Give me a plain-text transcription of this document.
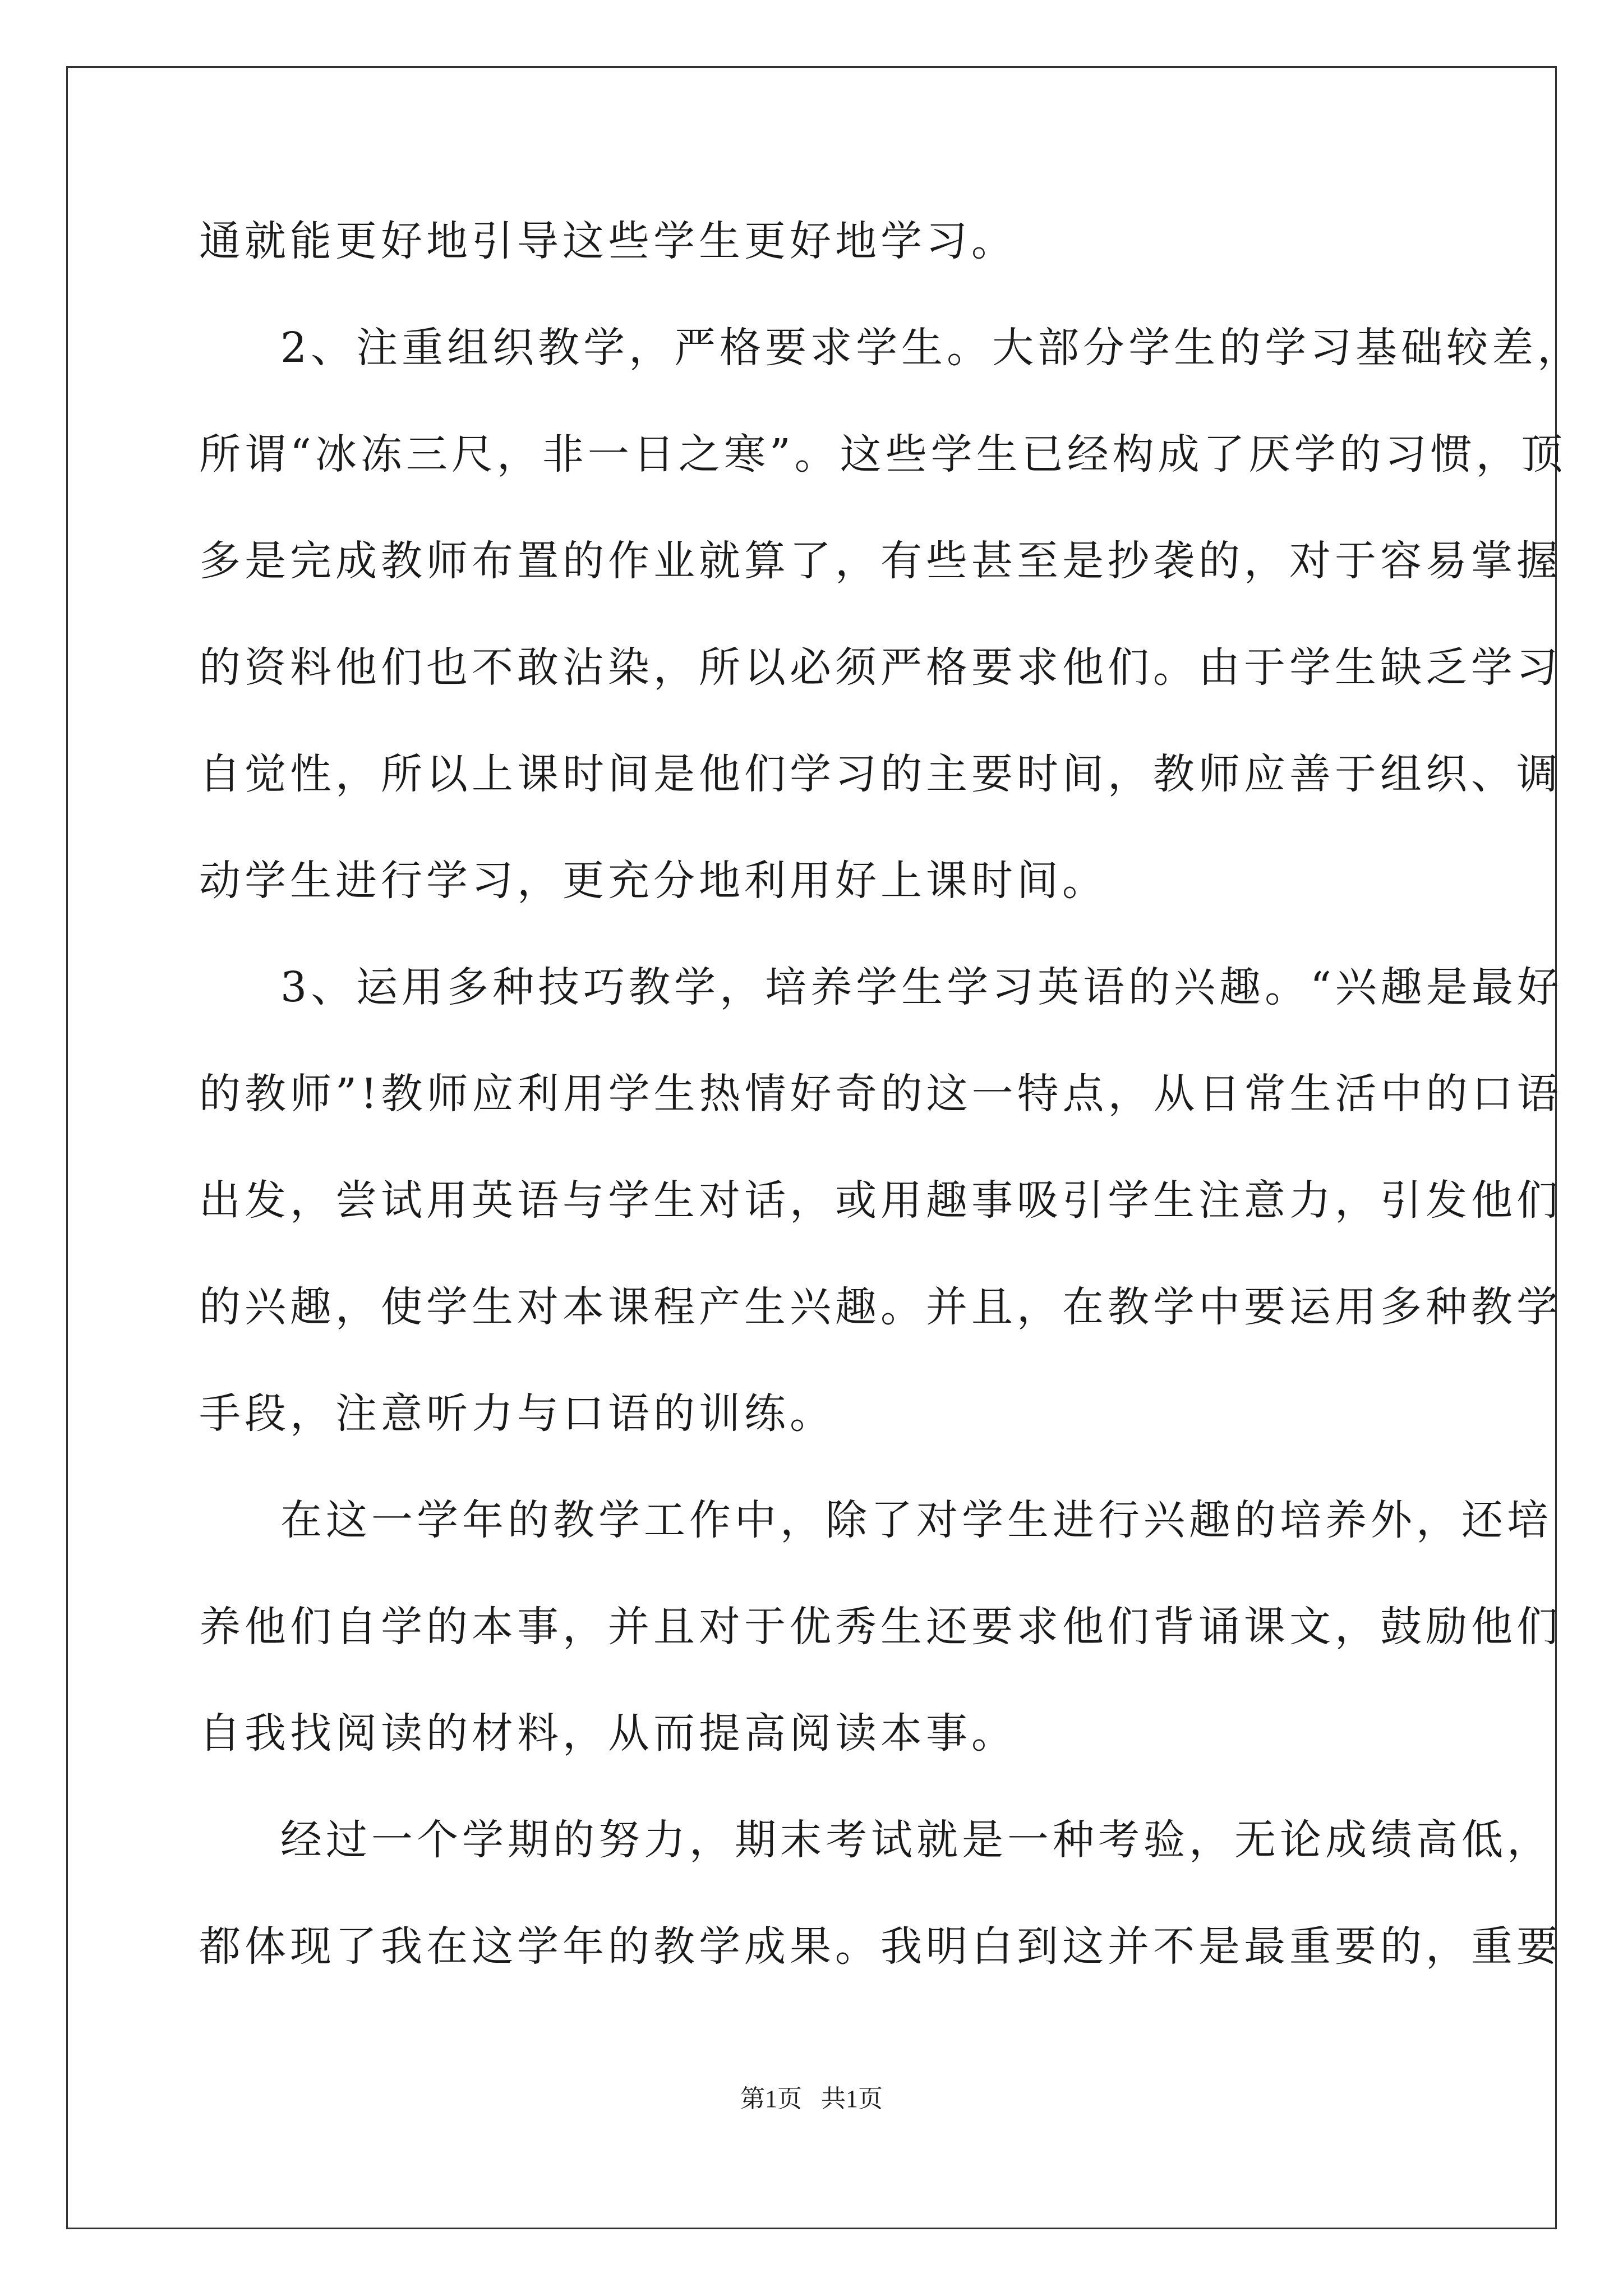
通就能更好地引导这些学生更好地学习。
2、注重组织教学，严格要求学生。大部分学生的学习基础较差，
所谓“冰冻三尺，非一日之寒”。这些学生已经构成了厌学的习惯，顶
多是完成教师布置的作业就算了，有些甚至是抄袭的，对于容易掌握
的资料他们也不敢沾染，所以必须严格要求他们。由于学生缺乏学习
自觉性，所以上课时间是他们学习的主要时间，教师应善于组织、调
动学生进行学习，更充分地利用好上课时间。
3、运用多种技巧教学，培养学生学习英语的兴趣。“兴趣是最好
的教师”!教师应利用学生热情好奇的这一特点，从日常生活中的口语
出发，尝试用英语与学生对话，或用趣事吸引学生注意力，引发他们
的兴趣，使学生对本课程产生兴趣。并且，在教学中要运用多种教学
手段，注意听力与口语的训练。
在这一学年的教学工作中，除了对学生进行兴趣的培养外，还培
养他们自学的本事，并且对于优秀生还要求他们背诵课文，鼓励他们
自我找阅读的材料，从而提高阅读本事。
经过一个学期的努力，期末考试就是一种考验，无论成绩高低，
都体现了我在这学年的教学成果。我明白到这并不是最重要的，重要
第1页 共1页
